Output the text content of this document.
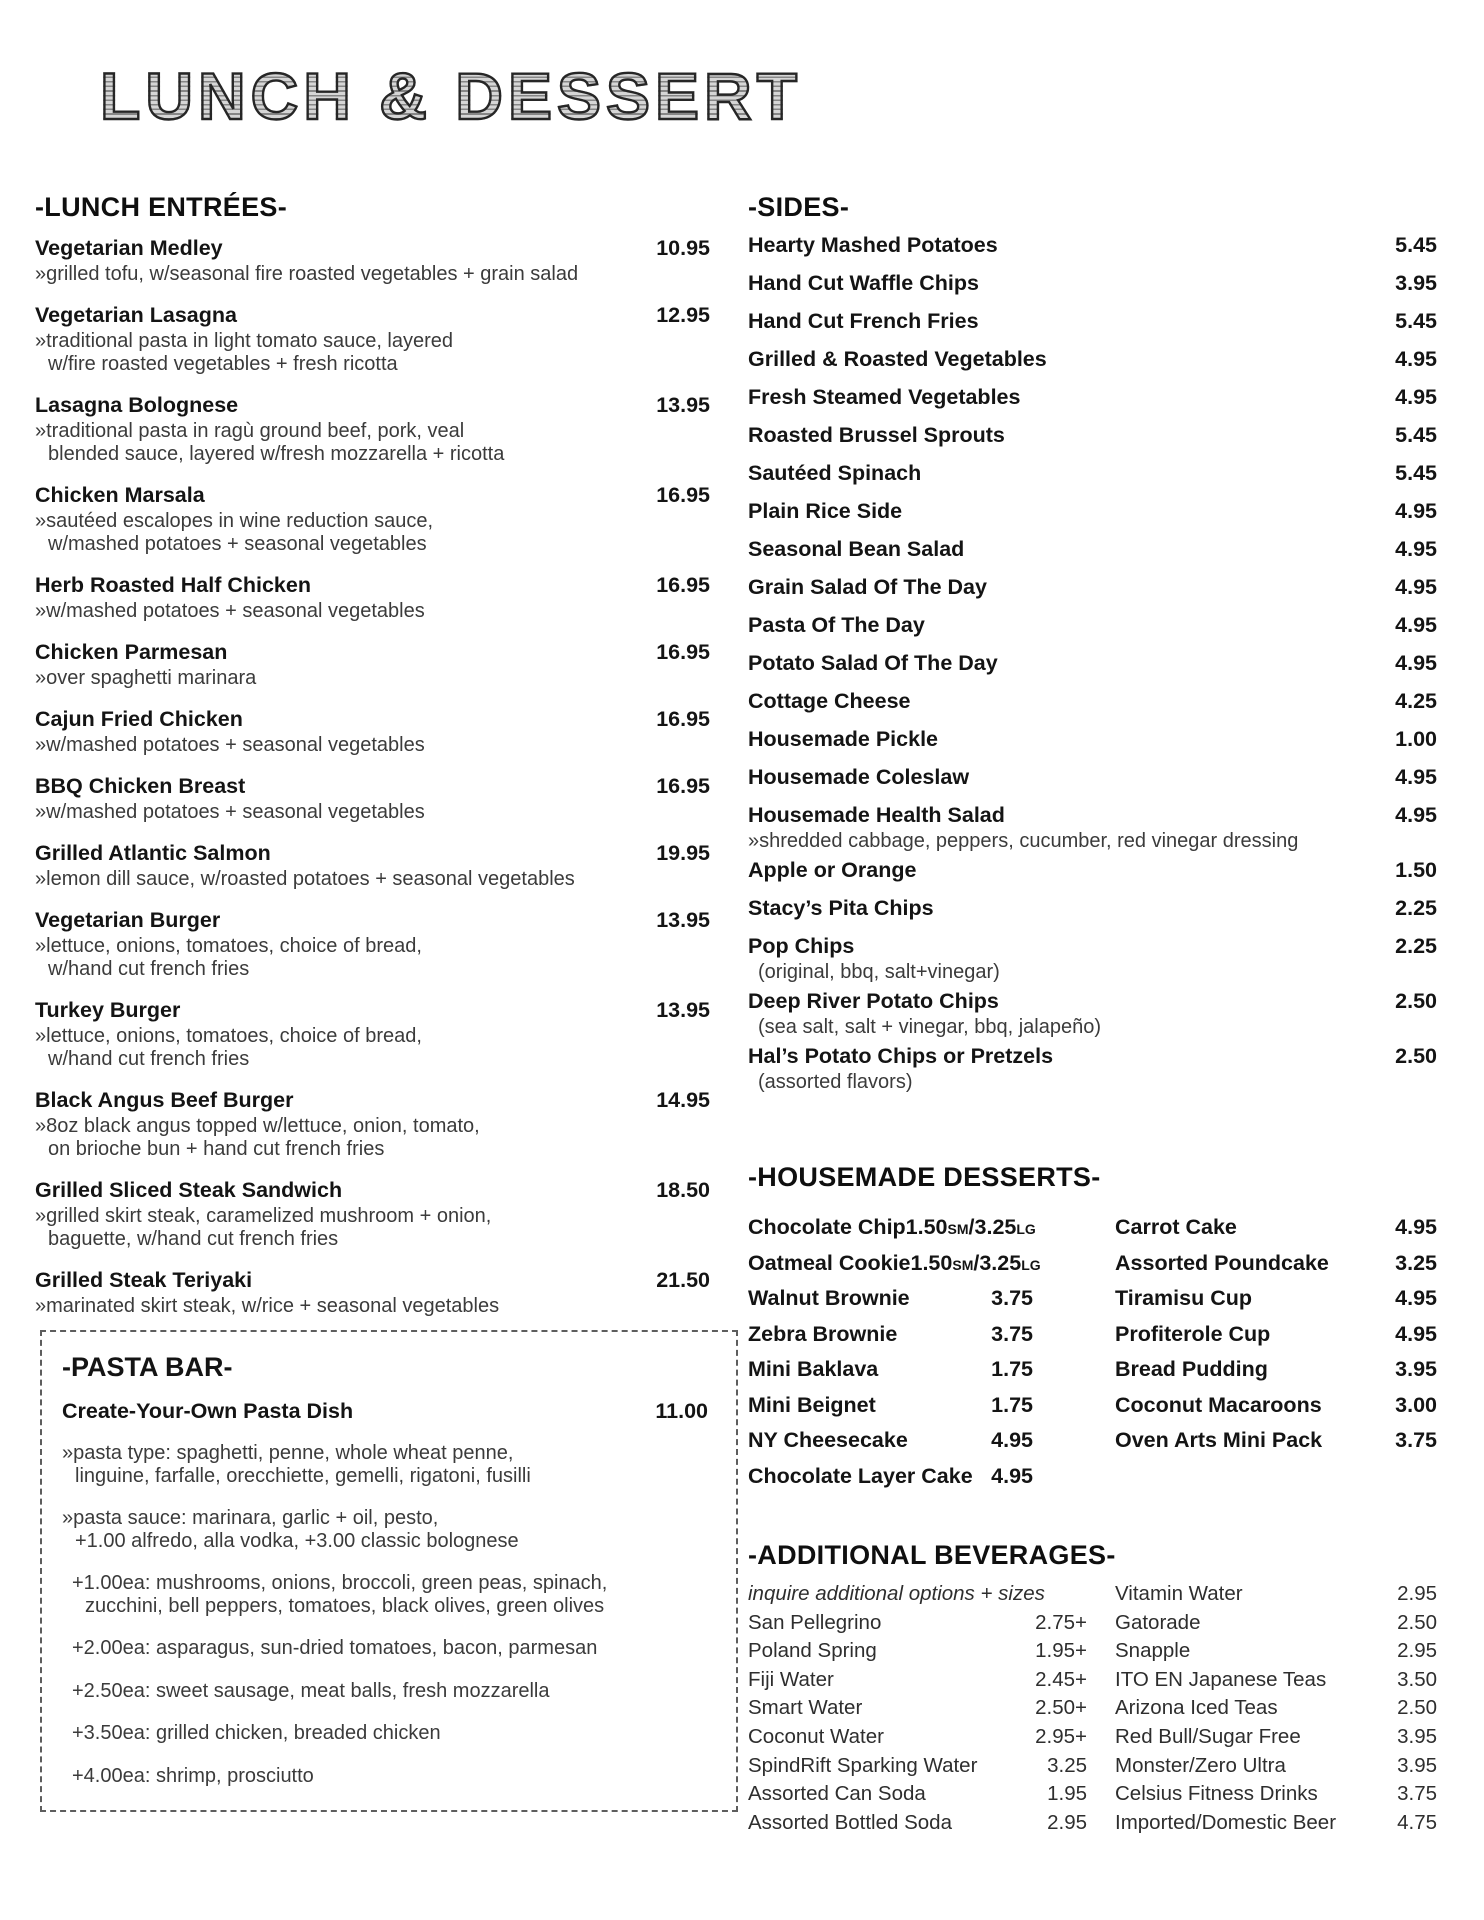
LUNCH & DESSERT
-LUNCH ENTRÉES-
Vegetarian Medley	10.95
»grilled tofu, w/seasonal fire roasted vegetables + grain salad
Vegetarian Lasagna	12.95
»traditional pasta in light tomato sauce, layered
w/fire roasted vegetables + fresh ricotta
Lasagna Bolognese	13.95
»traditional pasta in ragù ground beef, pork, veal
blended sauce, layered w/fresh mozzarella + ricotta
Chicken Marsala	16.95
»sautéed escalopes in wine reduction sauce,
w/mashed potatoes + seasonal vegetables
Herb Roasted Half Chicken	16.95
»w/mashed potatoes + seasonal vegetables
Chicken Parmesan	16.95
»over spaghetti marinara
Cajun Fried Chicken	16.95
»w/mashed potatoes + seasonal vegetables
BBQ Chicken Breast	16.95
»w/mashed potatoes + seasonal vegetables
Grilled Atlantic Salmon	19.95
»lemon dill sauce, w/roasted potatoes + seasonal vegetables
Vegetarian Burger	13.95
»lettuce, onions, tomatoes, choice of bread,
w/hand cut french fries
Turkey Burger	13.95
»lettuce, onions, tomatoes, choice of bread,
w/hand cut french fries
Black Angus Beef Burger	14.95
»8oz black angus topped w/lettuce, onion, tomato,
on brioche bun + hand cut french fries
Grilled Sliced Steak Sandwich	18.50
»grilled skirt steak, caramelized mushroom + onion,
baguette, w/hand cut french fries
Grilled Steak Teriyaki	21.50
»marinated skirt steak, w/rice + seasonal vegetables
-PASTA BAR-
Create-Your-Own Pasta Dish	11.00
»pasta type: spaghetti, penne, whole wheat penne,
linguine, farfalle, orecchiette, gemelli, rigatoni, fusilli
»pasta sauce: marinara, garlic + oil, pesto,
+1.00 alfredo, alla vodka, +3.00 classic bolognese
+1.00ea: mushrooms, onions, broccoli, green peas, spinach,
zucchini, bell peppers, tomatoes, black olives, green olives
+2.00ea: asparagus, sun-dried tomatoes, bacon, parmesan
+2.50ea: sweet sausage, meat balls, fresh mozzarella
+3.50ea: grilled chicken, breaded chicken
+4.00ea: shrimp, prosciutto
-SIDES-
Hearty Mashed Potatoes	5.45
Hand Cut Waffle Chips	3.95
Hand Cut French Fries	5.45
Grilled & Roasted Vegetables	4.95
Fresh Steamed Vegetables	4.95
Roasted Brussel Sprouts	5.45
Sautéed Spinach	5.45
Plain Rice Side	4.95
Seasonal Bean Salad	4.95
Grain Salad Of The Day	4.95
Pasta Of The Day	4.95
Potato Salad Of The Day	4.95
Cottage Cheese	4.25
Housemade Pickle	1.00
Housemade Coleslaw	4.95
Housemade Health Salad	4.95
»shredded cabbage, peppers, cucumber, red vinegar dressing
Apple or Orange	1.50
Stacy’s Pita Chips	2.25
Pop Chips	2.25
(original, bbq, salt+vinegar)
Deep River Potato Chips	2.50
(sea salt, salt + vinegar, bbq, jalapeño)
Hal’s Potato Chips or Pretzels	2.50
(assorted flavors)
-HOUSEMADE DESSERTS-
Chocolate Chip 1.50SM/3.25LG
Oatmeal Cookie 1.50SM/3.25LG
Walnut Brownie	3.75
Zebra Brownie	3.75
Mini Baklava	1.75
Mini Beignet	1.75
NY Cheesecake	4.95
Chocolate Layer Cake 4.95
Carrot Cake	4.95
Assorted Poundcake	3.25
Tiramisu Cup	4.95
Profiterole Cup	4.95
Bread Pudding	3.95
Coconut Macaroons	3.00
Oven Arts Mini Pack	3.75
-ADDITIONAL BEVERAGES-
inquire additional options + sizes
San Pellegrino	2.75+
Poland Spring	1.95+
Fiji Water	2.45+
Smart Water	2.50+
Coconut Water	2.95+
SpindRift Sparking Water	3.25
Assorted Can Soda	1.95
Assorted Bottled Soda	2.95
Vitamin Water	2.95
Gatorade	2.50
Snapple	2.95
ITO EN Japanese Teas	3.50
Arizona Iced Teas	2.50
Red Bull/Sugar Free	3.95
Monster/Zero Ultra	3.95
Celsius Fitness Drinks	3.75
Imported/Domestic Beer	4.75
